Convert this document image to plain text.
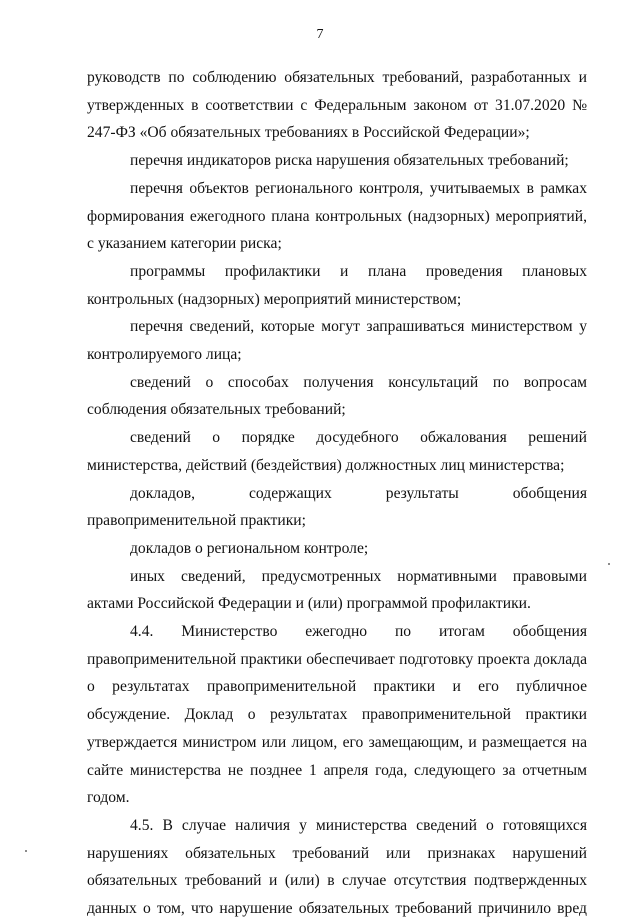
7

руководств по соблюдению обязательных требований, разработанных и утвержденных в соответствии с Федеральным законом от 31.07.2020 № 247-ФЗ «Об обязательных требованиях в Российской Федерации»;

перечня индикаторов риска нарушения обязательных требований;

перечня объектов регионального контроля, учитываемых в рамках формирования ежегодного плана контрольных (надзорных) мероприятий, с указанием категории риска;

программы профилактики и плана проведения плановых контрольных (надзорных) мероприятий министерством;

перечня сведений, которые могут запрашиваться министерством у контролируемого лица;

сведений о способах получения консультаций по вопросам соблюдения обязательных требований;

сведений о порядке досудебного обжалования решений министерства, действий (бездействия) должностных лиц министерства;

докладов, содержащих результаты обобщения правоприменительной практики;

докладов о региональном контроле;

иных сведений, предусмотренных нормативными правовыми актами Российской Федерации и (или) программой профилактики.

4.4. Министерство ежегодно по итогам обобщения правоприменительной практики обеспечивает подготовку проекта доклада о результатах правоприменительной практики и его публичное обсуждение. Доклад о результатах правоприменительной практики утверждается министром или лицом, его замещающим, и размещается на сайте министерства не позднее 1 апреля года, следующего за отчетным годом.

4.5. В случае наличия у министерства сведений о готовящихся нарушениях обязательных требований или признаках нарушений обязательных требований и (или) в случае отсутствия подтвержденных данных о том, что нарушение обязательных требований причинило вред
